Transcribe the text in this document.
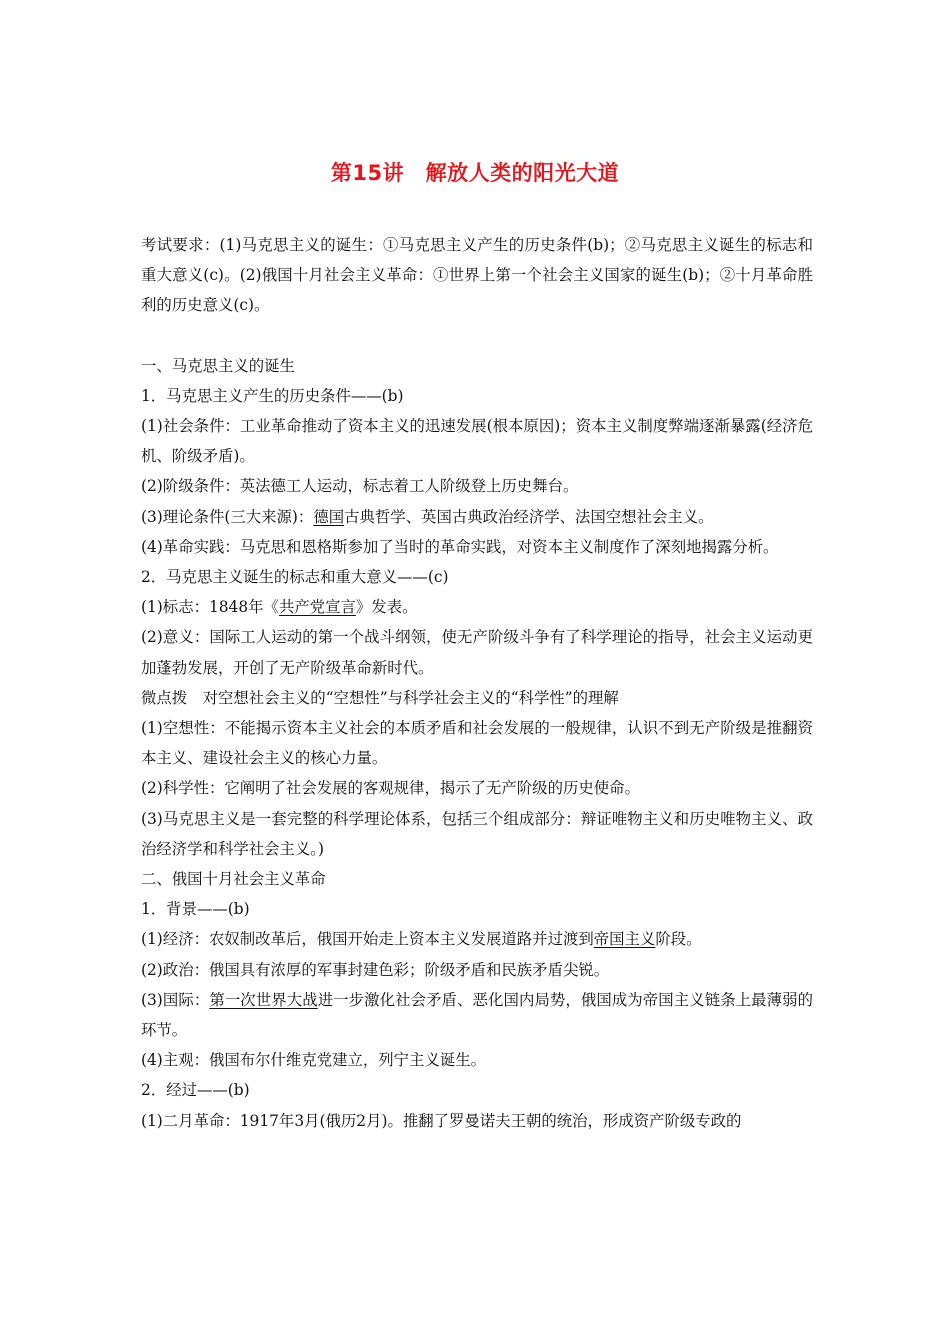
第15讲　解放人类的阳光大道

考试要求：(1)马克思主义的诞生：①马克思主义产生的历史条件(b)；②马克思主义诞生的标志和重大意义(c)。(2)俄国十月社会主义革命：①世界上第一个社会主义国家的诞生(b)；②十月革命胜利的历史意义(c)。

一、马克思主义的诞生

1．马克思主义产生的历史条件——(b)

(1)社会条件：工业革命推动了资本主义的迅速发展(根本原因)；资本主义制度弊端逐渐暴露(经济危机、阶级矛盾)。

(2)阶级条件：英法德工人运动，标志着工人阶级登上历史舞台。

(3)理论条件(三大来源)：德国古典哲学、英国古典政治经济学、法国空想社会主义。

(4)革命实践：马克思和恩格斯参加了当时的革命实践，对资本主义制度作了深刻地揭露分析。

2．马克思主义诞生的标志和重大意义——(c)

(1)标志：1848年《共产党宣言》发表。

(2)意义：国际工人运动的第一个战斗纲领，使无产阶级斗争有了科学理论的指导，社会主义运动更加蓬勃发展，开创了无产阶级革命新时代。

微点拨　对空想社会主义的“空想性”与科学社会主义的“科学性”的理解

(1)空想性：不能揭示资本主义社会的本质矛盾和社会发展的一般规律，认识不到无产阶级是推翻资本主义、建设社会主义的核心力量。

(2)科学性：它阐明了社会发展的客观规律，揭示了无产阶级的历史使命。

(3)马克思主义是一套完整的科学理论体系，包括三个组成部分：辩证唯物主义和历史唯物主义、政治经济学和科学社会主义。)

二、俄国十月社会主义革命

1．背景——(b)

(1)经济：农奴制改革后，俄国开始走上资本主义发展道路并过渡到帝国主义阶段。

(2)政治：俄国具有浓厚的军事封建色彩；阶级矛盾和民族矛盾尖锐。

(3)国际：第一次世界大战进一步激化社会矛盾、恶化国内局势，俄国成为帝国主义链条上最薄弱的环节。

(4)主观：俄国布尔什维克党建立，列宁主义诞生。

2．经过——(b)

(1)二月革命：1917年3月(俄历2月)。推翻了罗曼诺夫王朝的统治，形成资产阶级专政的
